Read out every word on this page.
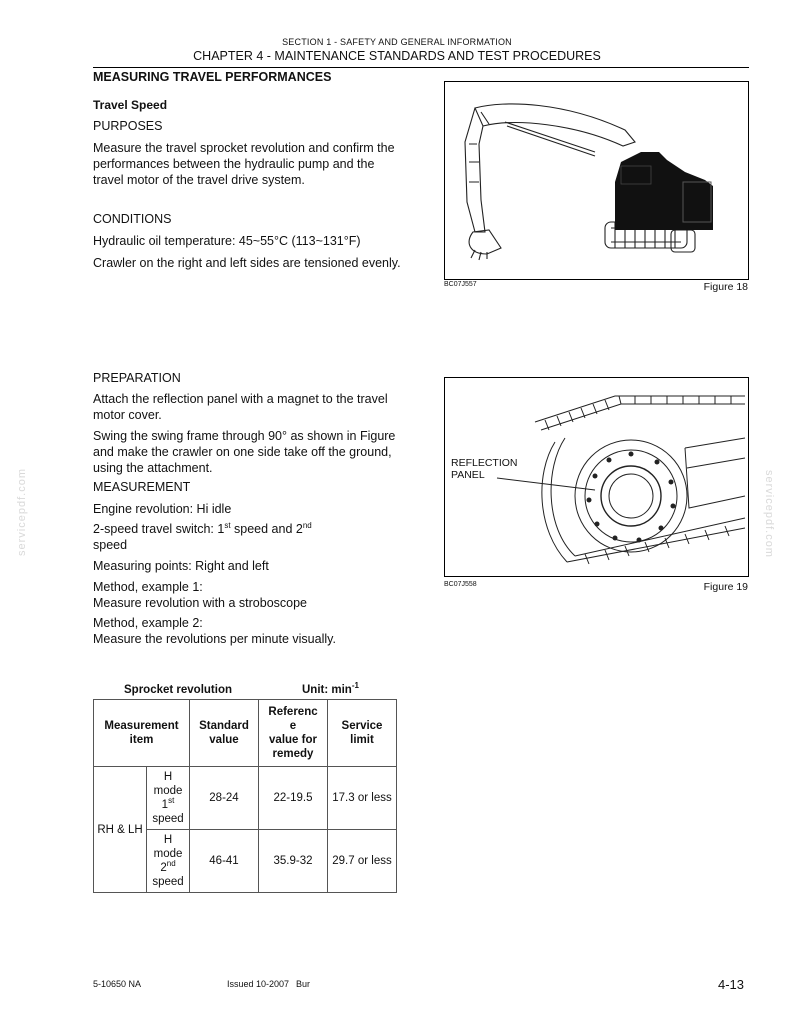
SECTION 1 - SAFETY AND GENERAL INFORMATION
CHAPTER 4 - MAINTENANCE STANDARDS AND TEST PROCEDURES
MEASURING TRAVEL PERFORMANCES
Travel Speed
PURPOSES
Measure the travel sprocket revolution and confirm the performances between the hydraulic pump and the travel motor of the travel drive system.
CONDITIONS
Hydraulic oil temperature: 45~55°C (113~131°F)
Crawler on the right and left sides are tensioned evenly.
PREPARATION
Attach the reflection panel with a magnet to the travel motor cover.
Swing the swing frame through 90° as shown in Figure and make the crawler on one side take off the ground, using the attachment.
MEASUREMENT
Engine revolution: Hi idle
2-speed travel switch: 1st speed and 2nd
speed
Measuring points: Right and left
Method, example 1:
Measure revolution with a stroboscope
Method, example 2:
Measure the revolutions per minute visually.
BC07J557	Figure 18
REFLECTION
PANEL
BC07J558	Figure 19
servicepdf.com	servicepdf.com
Sprocket revolution	Unit: $\min^{-1}$
Measurement item		Standard value	Referenc
e
value for remedy	Service limit
RH & LH	H
mode
1st
speed	28-24	22-19.5	17.3 or less
	H
mode
2nd
speed	46-41	35.9-32	29.7 or less
5-10650 NA	Issued 10-2007 Bur	4-13
